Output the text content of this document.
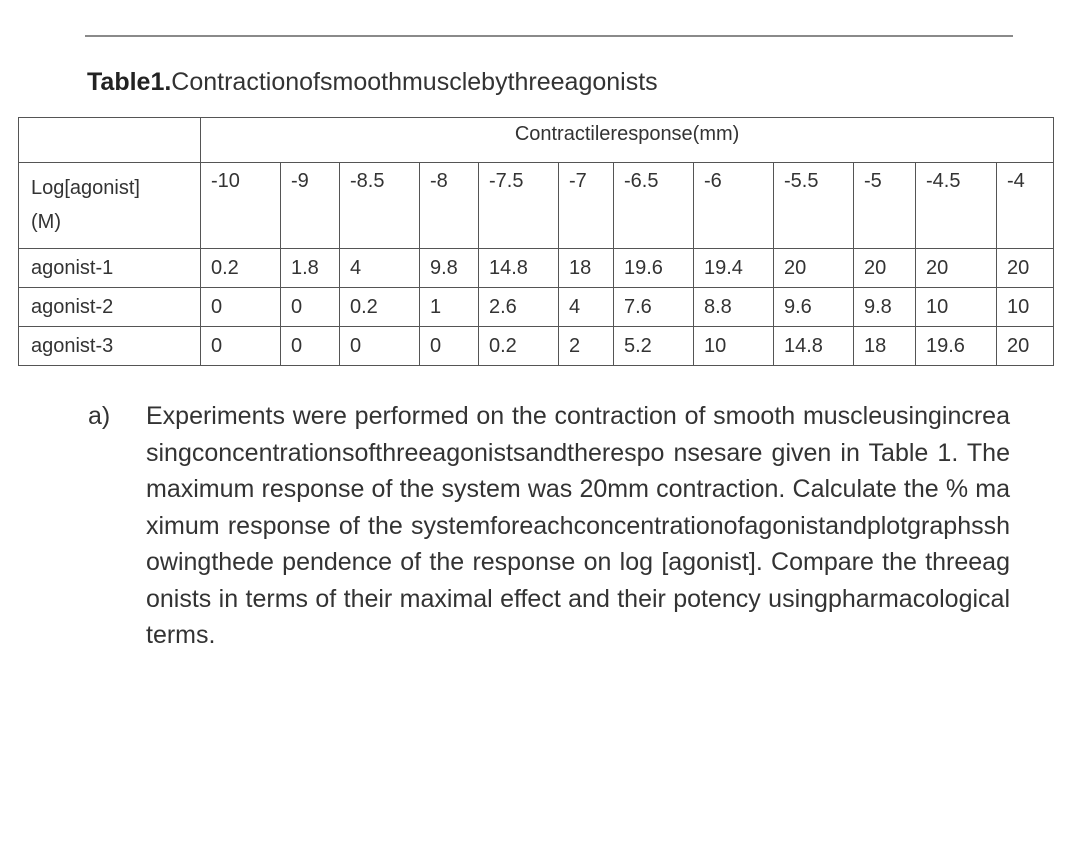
Table1.Contractionofsmoothmusclebythreeagonists
	Contractileresponse(mm)											

Log[agonist]
(M)	-10	-9	-8.5	-8	-7.5	-7	-6.5	-6	-5.5	-5	-4.5	-4
agonist-1	0.2	1.8	4	9.8	14.8	18	19.6	19.4	20	20	20	20
agonist-2	0	0	0.2	1	2.6	4	7.6	8.8	9.6	9.8	10	10
agonist-3	0	0	0	0	0.2	2	5.2	10	14.8	18	19.6	20
a) Experiments were performed on the contraction of smooth muscleusingincreasingconcentrationsofthreeagonistsandtherespo nsesare given in Table 1. The maximum response of the system was 20mm contraction. Calculate the % maximum response of the systemforeachconcentrationofagonistandplotgraphsshowingthede pendence of the response on log [agonist]. Compare the threeagonists in terms of their maximal effect and their potency usingpharmacologicalterms.
